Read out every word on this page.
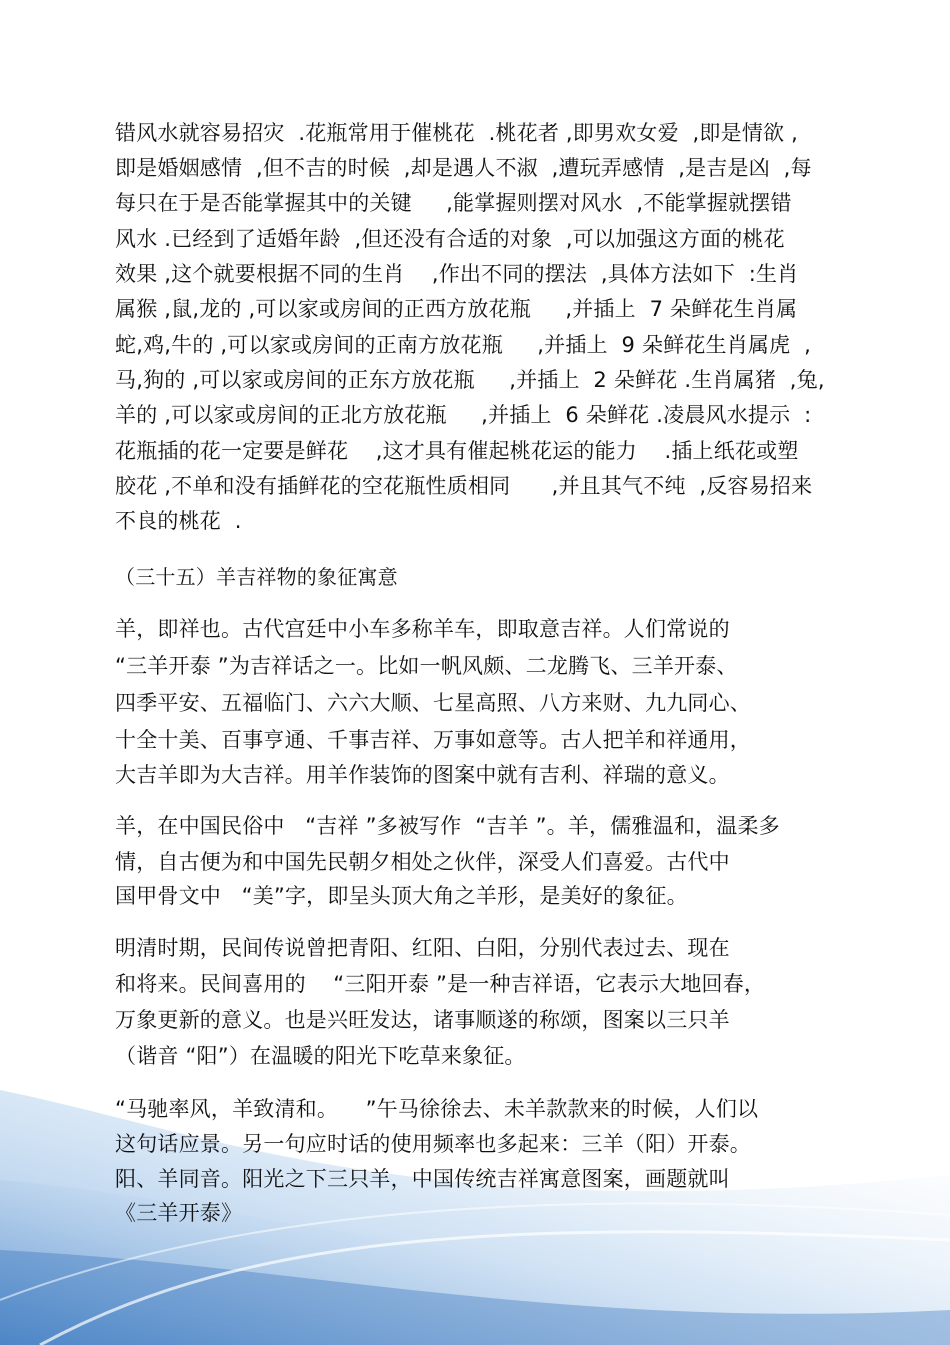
错风水就容易招灾  .花瓶常用于催桃花  .桃花者 ,即男欢女爱  ,即是情欲 ,
即是婚姻感情  ,但不吉的时候  ,却是遇人不淑  ,遭玩弄感情  ,是吉是凶  ,每
每只在于是否能掌握其中的关键     ,能掌握则摆对风水  ,不能掌握就摆错
风水 .已经到了适婚年龄  ,但还没有合适的对象  ,可以加强这方面的桃花
效果 ,这个就要根据不同的生肖    ,作出不同的摆法  ,具体方法如下  :生肖
属猴 ,鼠,龙的 ,可以家或房间的正西方放花瓶     ,并插上  7 朵鲜花生肖属
蛇,鸡,牛的 ,可以家或房间的正南方放花瓶     ,并插上  9 朵鲜花生肖属虎  ,
马,狗的 ,可以家或房间的正东方放花瓶     ,并插上  2 朵鲜花 .生肖属猪  ,兔,
羊的 ,可以家或房间的正北方放花瓶     ,并插上  6 朵鲜花 .凌晨风水提示  :
花瓶插的花一定要是鲜花    ,这才具有催起桃花运的能力    .插上纸花或塑
胶花 ,不单和没有插鲜花的空花瓶性质相同      ,并且其气不纯  ,反容易招来
不良的桃花  .
（三十五）羊吉祥物的象征寓意
羊，即祥也。古代宫廷中小车多称羊车，即取意吉祥。人们常说的
“三羊开泰 ”为吉祥话之一。比如一帆风颇、二龙腾飞、三羊开泰、
四季平安、五福临门、六六大顺、七星高照、八方来财、九九同心、
十全十美、百事亨通、千事吉祥、万事如意等。古人把羊和祥通用，
大吉羊即为大吉祥。用羊作装饰的图案中就有吉利、祥瑞的意义。
羊，在中国民俗中   “吉祥 ”多被写作  “吉羊 ”。羊，儒雅温和，温柔多
情，自古便为和中国先民朝夕相处之伙伴，深受人们喜爱。古代中
国甲骨文中   “美”字，即呈头顶大角之羊形，是美好的象征。
明清时期，民间传说曾把青阳、红阳、白阳，分别代表过去、现在
和将来。民间喜用的    “三阳开泰 ”是一种吉祥语，它表示大地回春，
万象更新的意义。也是兴旺发达，诸事顺遂的称颂，图案以三只羊
（谐音 “阳”）在温暖的阳光下吃草来象征。
“马驰率风，羊致清和。    ”午马徐徐去、未羊款款来的时候，人们以
这句话应景。另一句应时话的使用频率也多起来：三羊（阳）开泰。
阳、羊同音。阳光之下三只羊，中国传统吉祥寓意图案，画题就叫
《三羊开泰》
